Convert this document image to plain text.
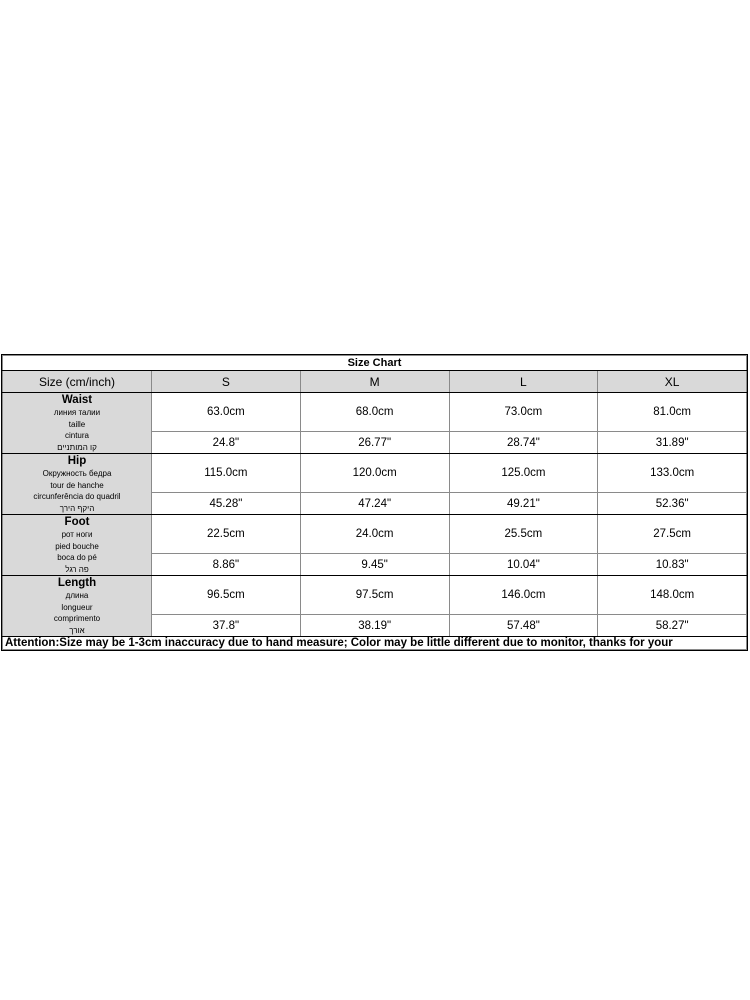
Size Chart				
Size (cm/inch)	S	M	L	XL

Waist
линия талии
taille
cintura
קו המותניים	63.0cm	68.0cm	73.0cm	81.0cm
	24.8"	26.77"	28.74"	31.89"

Hip
Окружность бедра
tour de hanche
circunferência do quadril
היקף הירך	115.0cm	120.0cm	125.0cm	133.0cm
	45.28"	47.24"	49.21"	52.36"

Foot
рот ноги
pied bouche
boca do pé
פה רגל	22.5cm	24.0cm	25.5cm	27.5cm
	8.86"	9.45"	10.04"	10.83"

Length
длина
longueur
comprimento
אורך	96.5cm	97.5cm	146.0cm	148.0cm
	37.8"	38.19"	57.48"	58.27"
Attention:Size may be 1-3cm inaccuracy due to hand measure; Color may be little different due to monitor, thanks for your				
